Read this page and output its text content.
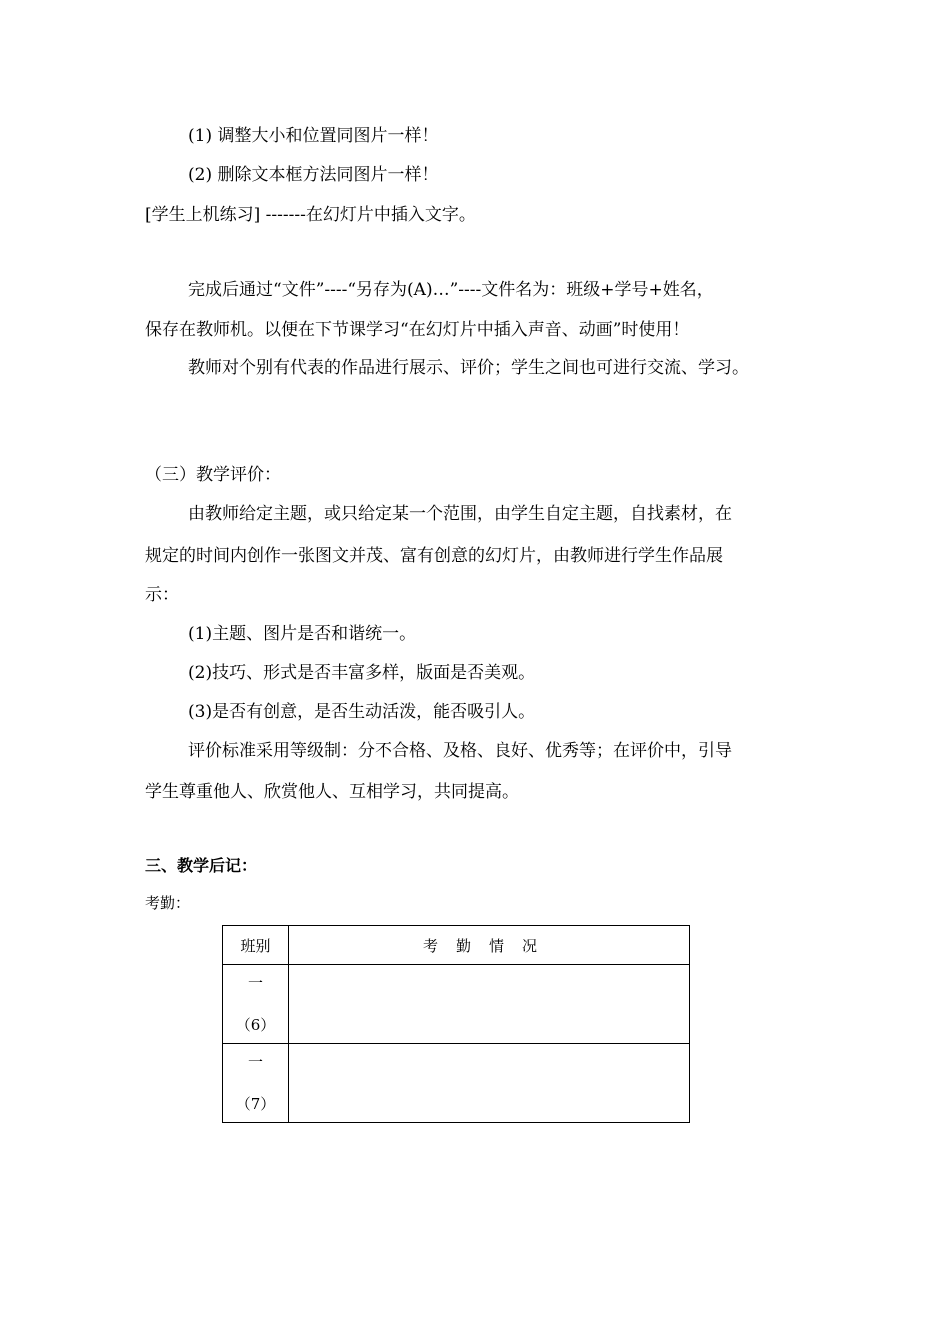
(1) 调整大小和位置同图片一样！
(2) 删除文本框方法同图片一样！
[学生上机练习] -------在幻灯片中插入文字。
完成后通过“文件”----“另存为(A)…”----文件名为：班级+学号+姓名，
保存在教师机。以便在下节课学习“在幻灯片中插入声音、动画”时使用！
教师对个别有代表的作品进行展示、评价；学生之间也可进行交流、学习。
（三）教学评价：
由教师给定主题，或只给定某一个范围，由学生自定主题，自找素材，在
规定的时间内创作一张图文并茂、富有创意的幻灯片，由教师进行学生作品展
示：
(1)主题、图片是否和谐统一。
(2)技巧、形式是否丰富多样，版面是否美观。
(3)是否有创意，是否生动活泼，能否吸引人。
评价标准采用等级制：分不合格、及格、良好、优秀等；在评价中，引导
学生尊重他人、欣赏他人、互相学习，共同提高。
三、教学后记：
考勤：
班别	考勤情况

一
（6）	

一
（7）	
